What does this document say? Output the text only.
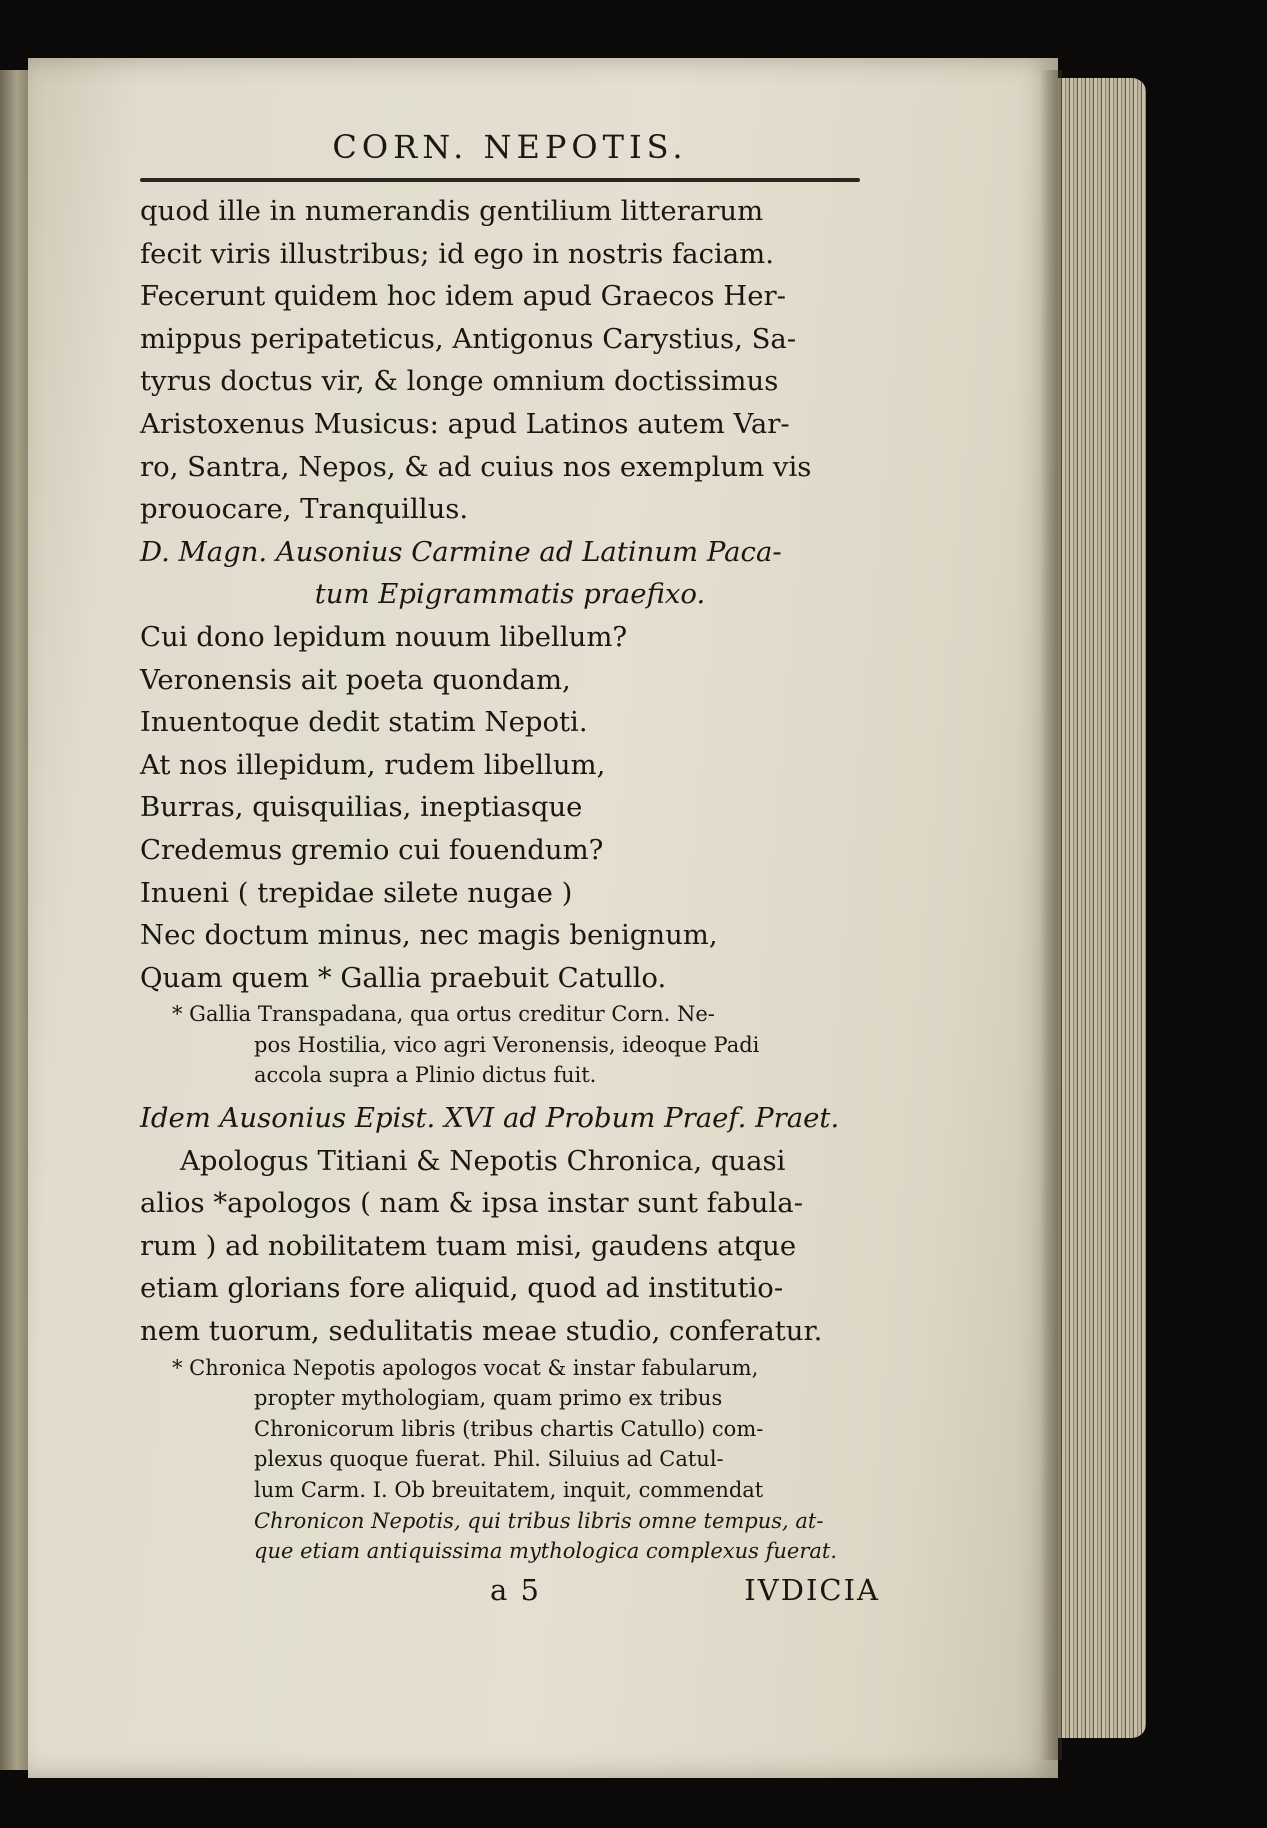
CORN. NEPOTIS.
quod ille in numerandis gentilium litterarum
fecit viris illustribus; id ego in nostris faciam.
Fecerunt quidem hoc idem apud Graecos Her-
mippus peripateticus, Antigonus Carystius, Sa-
tyrus doctus vir, & longe omnium doctissimus
Aristoxenus Musicus: apud Latinos autem Var-
ro, Santra, Nepos, & ad cuius nos exemplum vis
prouocare, Tranquillus.
D. Magn. Ausonius Carmine ad Latinum Paca-
tum Epigrammatis praefixo.
Cui dono lepidum nouum libellum?
Veronensis ait poeta quondam,
Inuentoque dedit statim Nepoti.
At nos illepidum, rudem libellum,
Burras, quisquilias, ineptiasque
Credemus gremio cui fouendum?
Inueni ( trepidae silete nugae )
Nec doctum minus, nec magis benignum,
Quam quem * Gallia praebuit Catullo.
* Gallia Transpadana, qua ortus creditur Corn. Ne-
pos Hostilia, vico agri Veronensis, ideoque Padi
accola supra a Plinio dictus fuit.
Idem Ausonius Epist. XVI ad Probum Praef. Praet.
Apologus Titiani & Nepotis Chronica, quasi
alios *apologos ( nam & ipsa instar sunt fabula-
rum ) ad nobilitatem tuam misi, gaudens atque
etiam glorians fore aliquid, quod ad institutio-
nem tuorum, sedulitatis meae studio, conferatur.
* Chronica Nepotis apologos vocat & instar fabularum,
propter mythologiam, quam primo ex tribus
Chronicorum libris (tribus chartis Catullo) com-
plexus quoque fuerat. Phil. Siluius ad Catul-
lum Carm. I. Ob breuitatem, inquit, commendat
Chronicon Nepotis, qui tribus libris omne tempus, at-
que etiam antiquissima mythologica complexus fuerat.
a 5	IVDICIA
